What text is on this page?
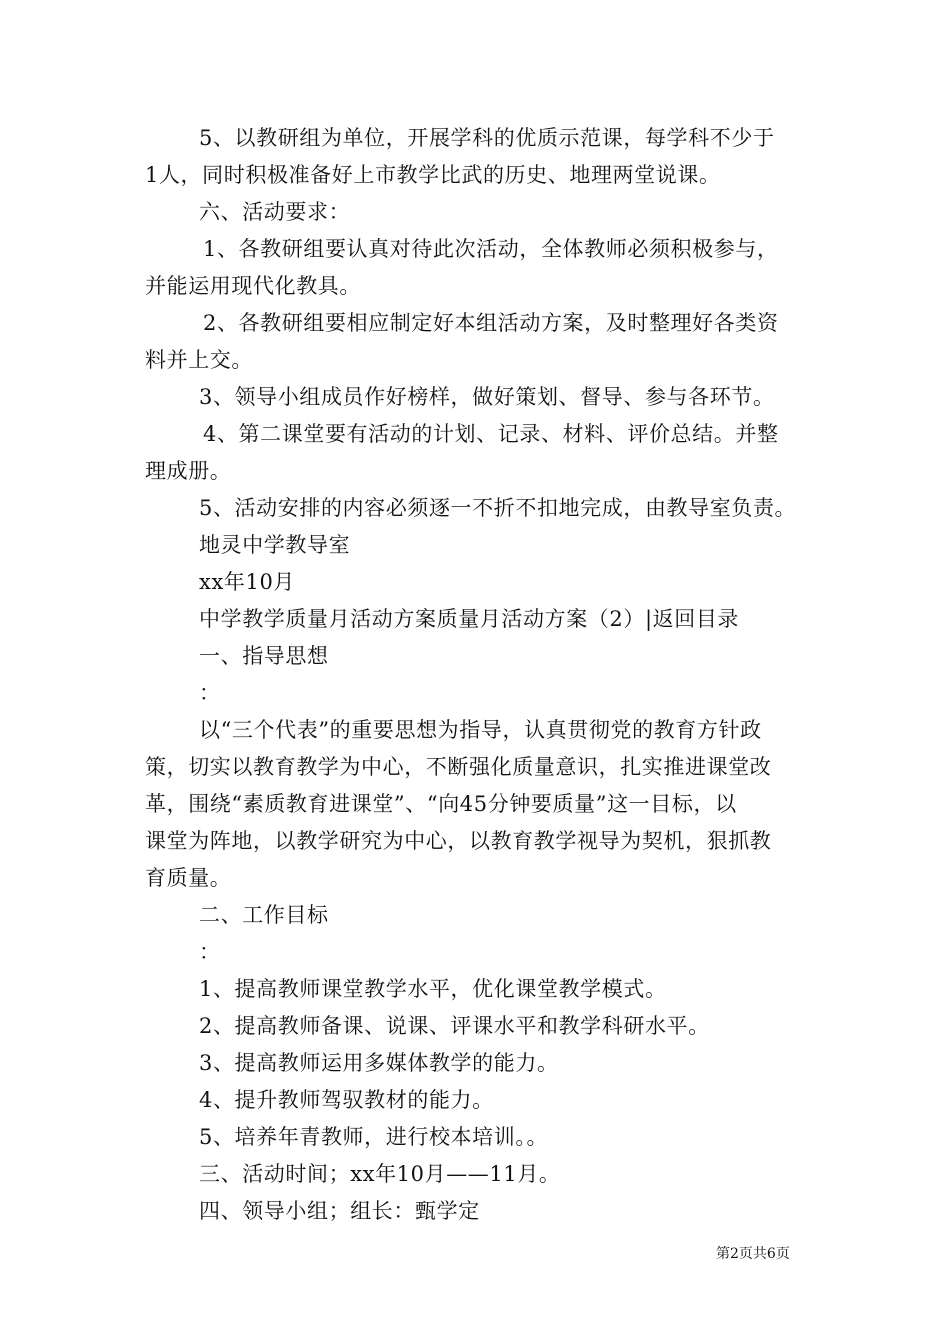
5、以教研组为单位，开展学科的优质示范课，每学科不少于
1人，同时积极准备好上市教学比武的历史、地理两堂说课。
六、活动要求：
1、各教研组要认真对待此次活动，全体教师必须积极参与，
并能运用现代化教具。
2、各教研组要相应制定好本组活动方案，及时整理好各类资
料并上交。
3、领导小组成员作好榜样，做好策划、督导、参与各环节。
4、第二课堂要有活动的计划、记录、材料、评价总结。并整
理成册。
5、活动安排的内容必须逐一不折不扣地完成，由教导室负责。
地灵中学教导室
xx年10月
中学教学质量月活动方案质量月活动方案（2）|返回目录
一、指导思想
：
以“三个代表”的重要思想为指导，认真贯彻党的教育方针政
策，切实以教育教学为中心，不断强化质量意识，扎实推进课堂改
革，围绕“素质教育进课堂”、“向45分钟要质量”这一目标，以
课堂为阵地，以教学研究为中心，以教育教学视导为契机，狠抓教
育质量。
二、工作目标
：
1、提高教师课堂教学水平，优化课堂教学模式。
2、提高教师备课、说课、评课水平和教学科研水平。
3、提高教师运用多媒体教学的能力。
4、提升教师驾驭教材的能力。
5、培养年青教师，进行校本培训。。
三、活动时间；xx年10月——11月。
四、领导小组；组长：甄学定
第2页共6页
